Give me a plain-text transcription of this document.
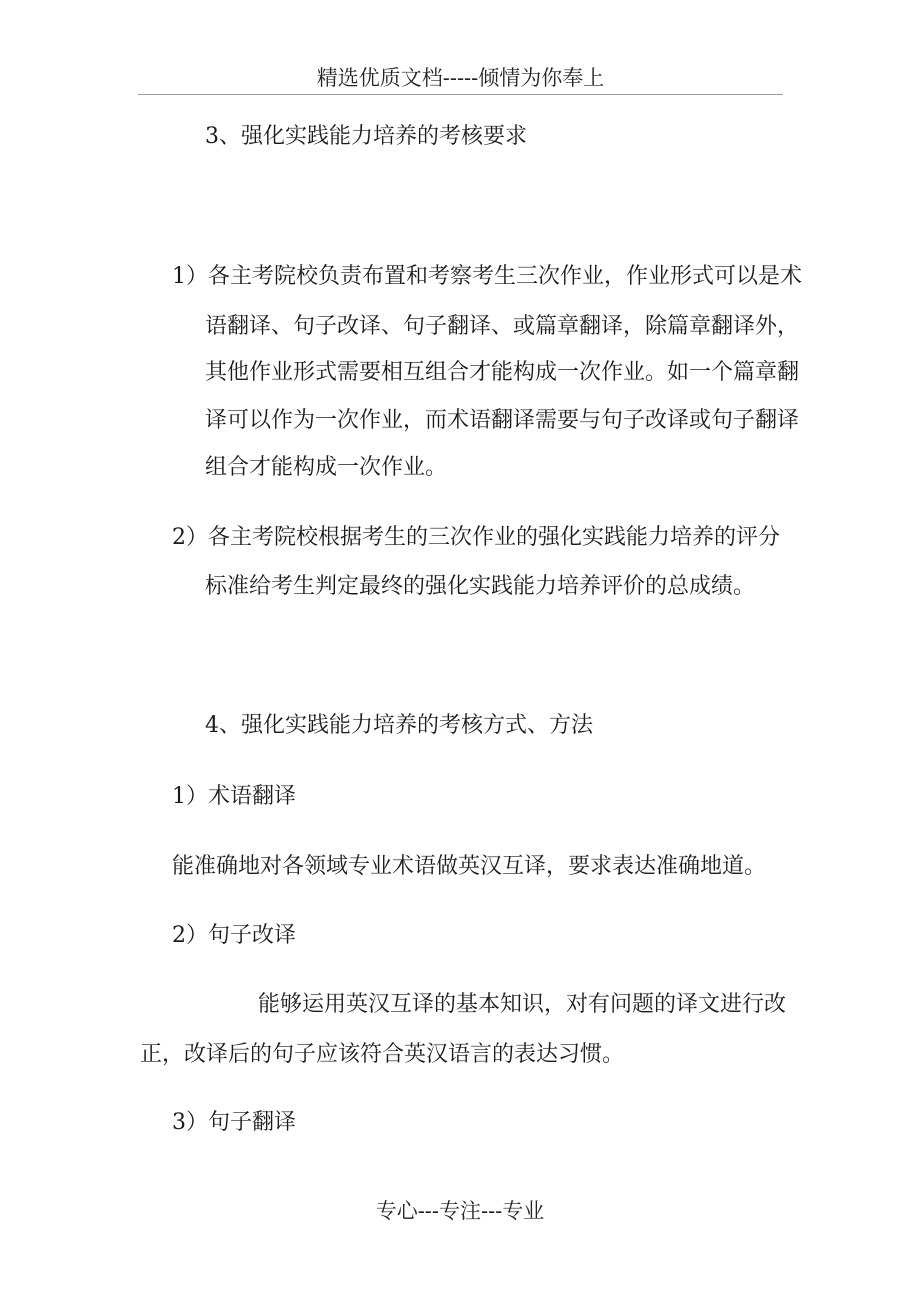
精选优质文档-----倾情为你奉上
3、强化实践能力培养的考核要求
1）各主考院校负责布置和考察考生三次作业，作业形式可以是术
语翻译、句子改译、句子翻译、或篇章翻译，除篇章翻译外，
其他作业形式需要相互组合才能构成一次作业。如一个篇章翻
译可以作为一次作业，而术语翻译需要与句子改译或句子翻译
组合才能构成一次作业。
2）各主考院校根据考生的三次作业的强化实践能力培养的评分
标准给考生判定最终的强化实践能力培养评价的总成绩。
4、强化实践能力培养的考核方式、方法
1）术语翻译
能准确地对各领域专业术语做英汉互译，要求表达准确地道。
2）句子改译
能够运用英汉互译的基本知识，对有问题的译文进行改
正，改译后的句子应该符合英汉语言的表达习惯。
3）句子翻译
专心---专注---专业
